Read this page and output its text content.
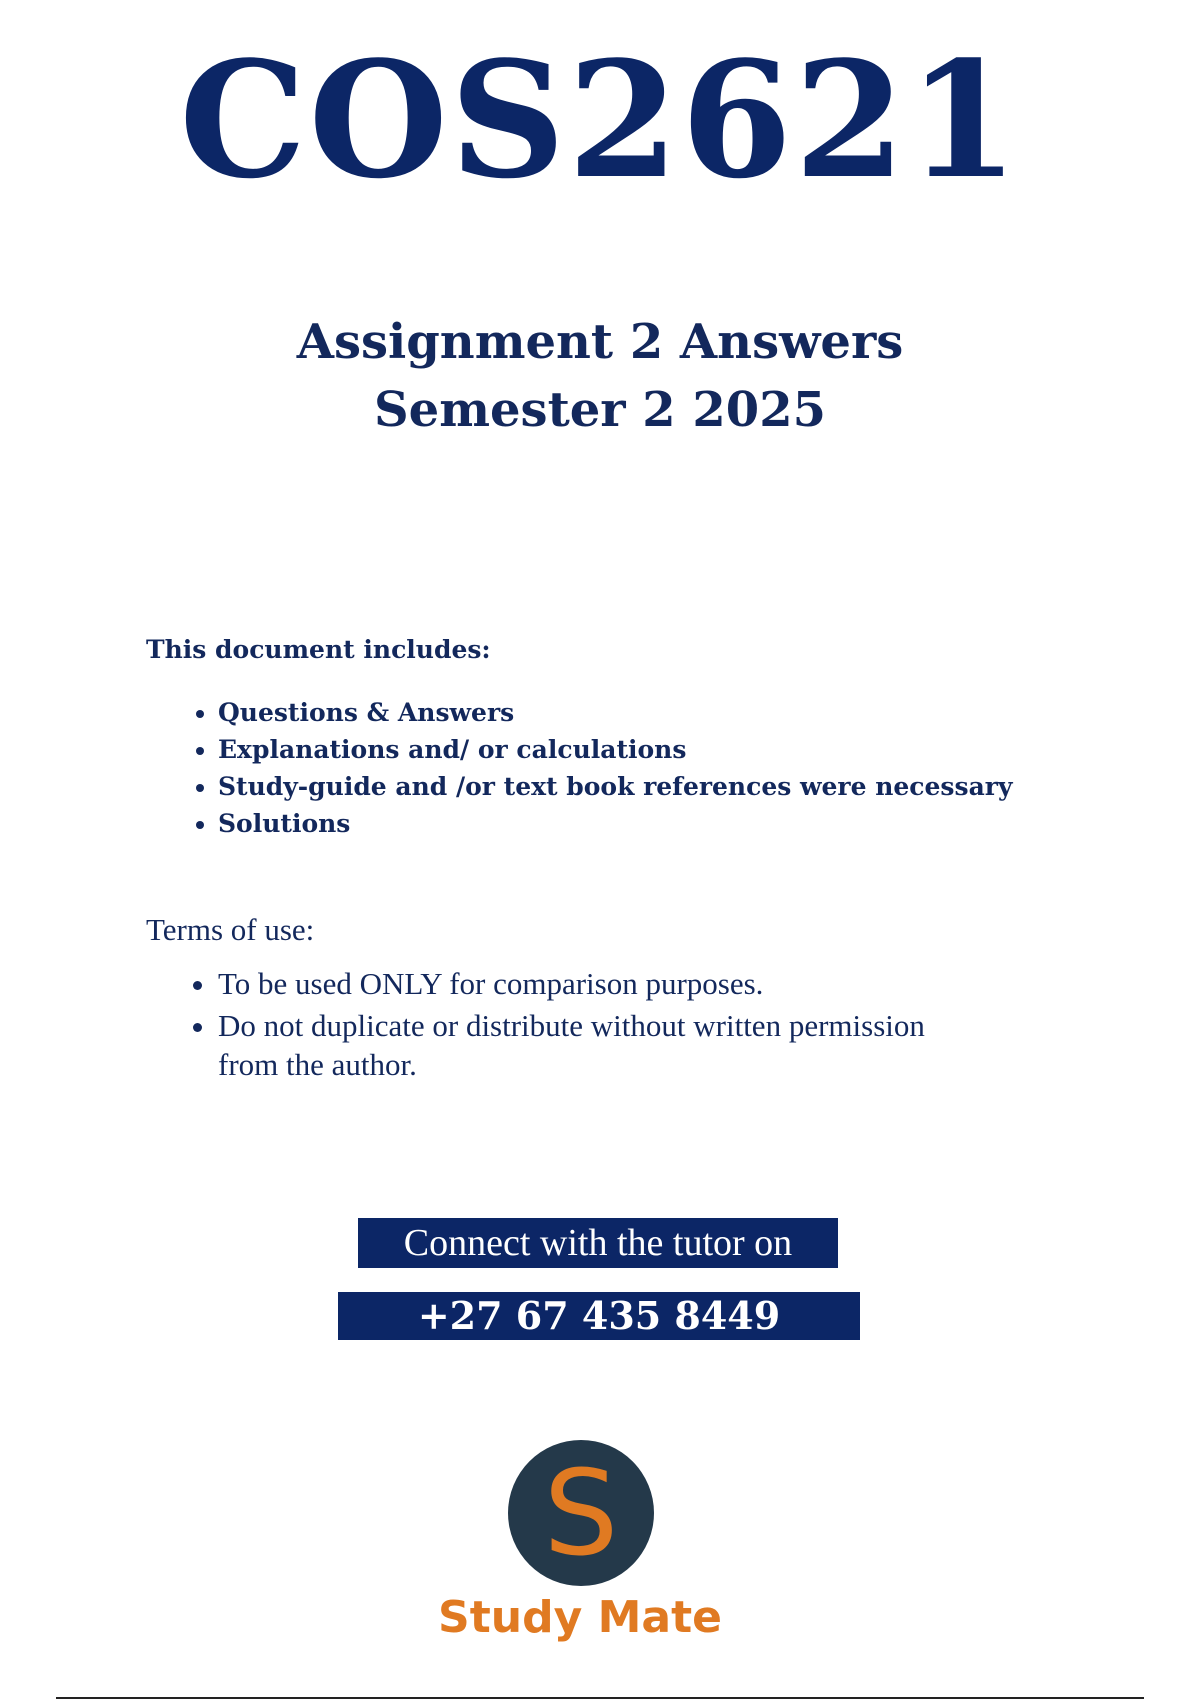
COS2621
Assignment 2 Answers
Semester 2 2025

This document includes:

• Questions & Answers
• Explanations and/ or calculations
• Study-guide and /or text book references were necessary
• Solutions

Terms of use:

• To be used ONLY for comparison purposes.
• Do not duplicate or distribute without written permission from the author.
Connect with the tutor on
+27 67 435 8449
S
Study Mate
